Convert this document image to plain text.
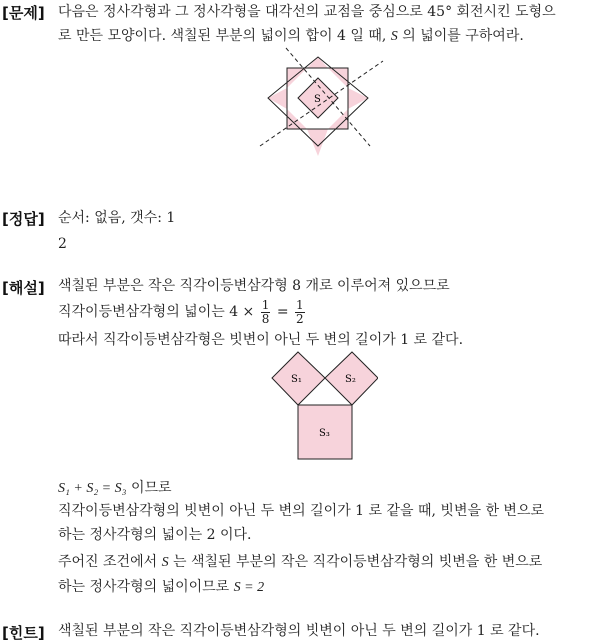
[문제] 다음은 정사각형과 그 정사각형을 대각선의 교점을 중심으로 45° 회전시킨 도형으
로 만든 모양이다. 색칠된 부분의 넓이의 합이 4 일 때, S 의 넓이를 구하여라.
S
[정답] 순서: 없음, 갯수: 1
2
[해설] 색칠된 부분은 작은 직각이등변삼각형 8 개로 이루어져 있으므로
직각이등변삼각형의 넓이는 $4 \times \frac{1}{8} = \frac{1}{2}$
따라서 직각이등변삼각형은 빗변이 아닌 두 변의 길이가 1 로 같다.
S₁	S₂
S₃
S₁ + S₂ = S₃ 이므로
직각이등변삼각형의 빗변이 아닌 두 변의 길이가 1 로 같을 때, 빗변을 한 변으로
하는 정사각형의 넓이는 2 이다.
주어진 조건에서 S 는 색칠된 부분의 작은 직각이등변삼각형의 빗변을 한 변으로
하는 정사각형의 넓이이므로 S = 2
[힌트] 색칠된 부분의 작은 직각이등변삼각형의 빗변이 아닌 두 변의 길이가 1 로 같다.
